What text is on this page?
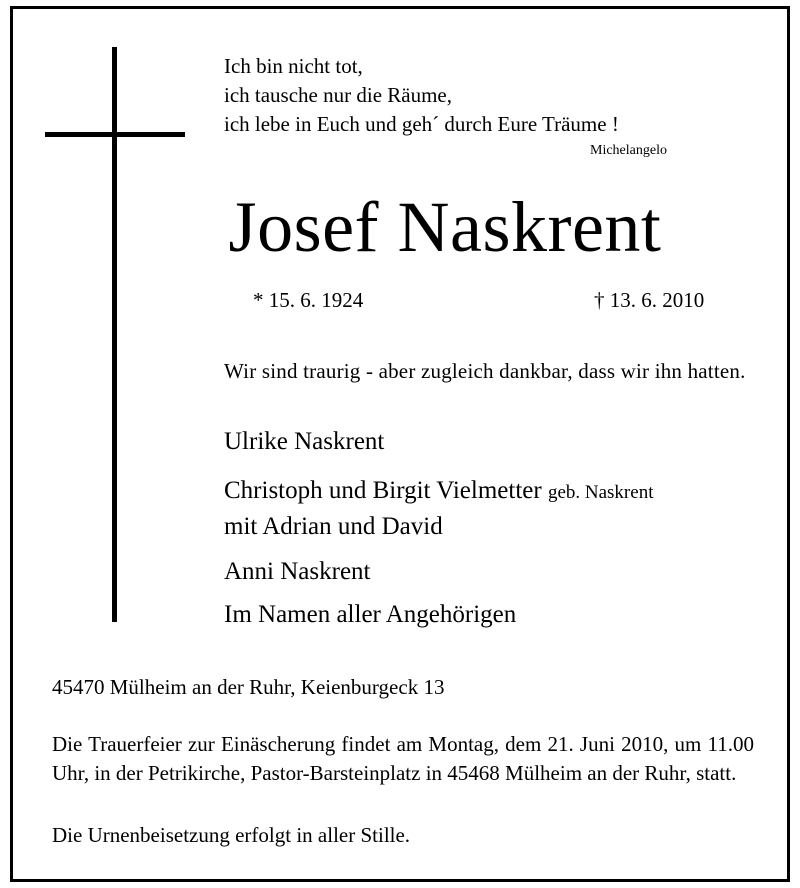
Ich bin nicht tot,
ich tausche nur die Räume,
ich lebe in Euch und geh´ durch Eure Träume !
Michelangelo
Josef Naskrent
* 15. 6. 1924	† 13. 6. 2010
Wir sind traurig - aber zugleich dankbar, dass wir ihn hatten.
Ulrike Naskrent
Christoph und Birgit Vielmetter geb. Naskrent
mit Adrian und David
Anni Naskrent
Im Namen aller Angehörigen
45470 Mülheim an der Ruhr, Keienburgeck 13
Die Trauerfeier zur Einäscherung findet am Montag, dem 21. Juni 2010, um 11.00 Uhr, in der Petrikirche, Pastor-Barsteinplatz in 45468 Mülheim an der Ruhr, statt.
Die Urnenbeisetzung erfolgt in aller Stille.
